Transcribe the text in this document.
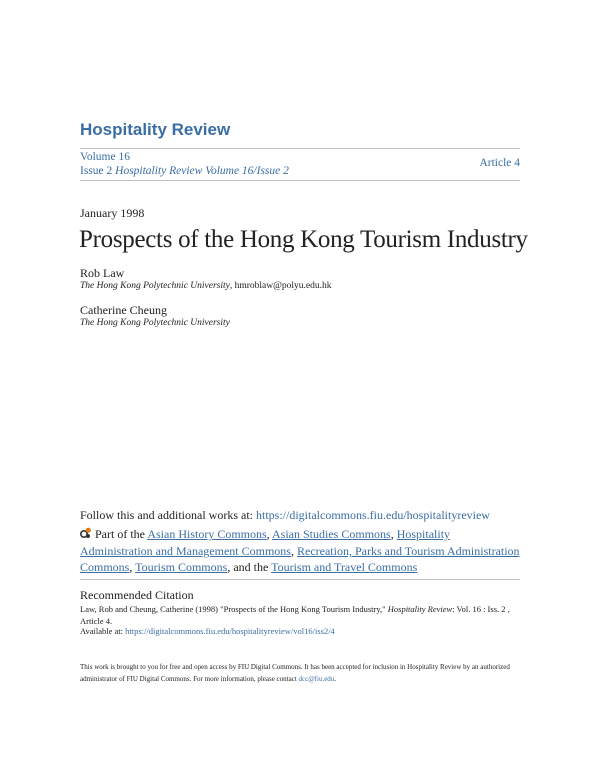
Hospitality Review
Volume 16
Issue 2 Hospitality Review Volume 16/Issue 2
Article 4
January 1998
Prospects of the Hong Kong Tourism Industry
Rob Law
The Hong Kong Polytechnic University, hmroblaw@polyu.edu.hk
Catherine Cheung
The Hong Kong Polytechnic University
Follow this and additional works at: https://digitalcommons.fiu.edu/hospitalityreview
Part of the Asian History Commons, Asian Studies Commons, Hospitality Administration and Management Commons, Recreation, Parks and Tourism Administration Commons, Tourism Commons, and the Tourism and Travel Commons
Recommended Citation
Law, Rob and Cheung, Catherine (1998) "Prospects of the Hong Kong Tourism Industry," Hospitality Review: Vol. 16 : Iss. 2 , Article 4.
Available at: https://digitalcommons.fiu.edu/hospitalityreview/vol16/iss2/4
This work is brought to you for free and open access by FIU Digital Commons. It has been accepted for inclusion in Hospitality Review by an authorized administrator of FIU Digital Commons. For more information, please contact dcc@fiu.edu.
